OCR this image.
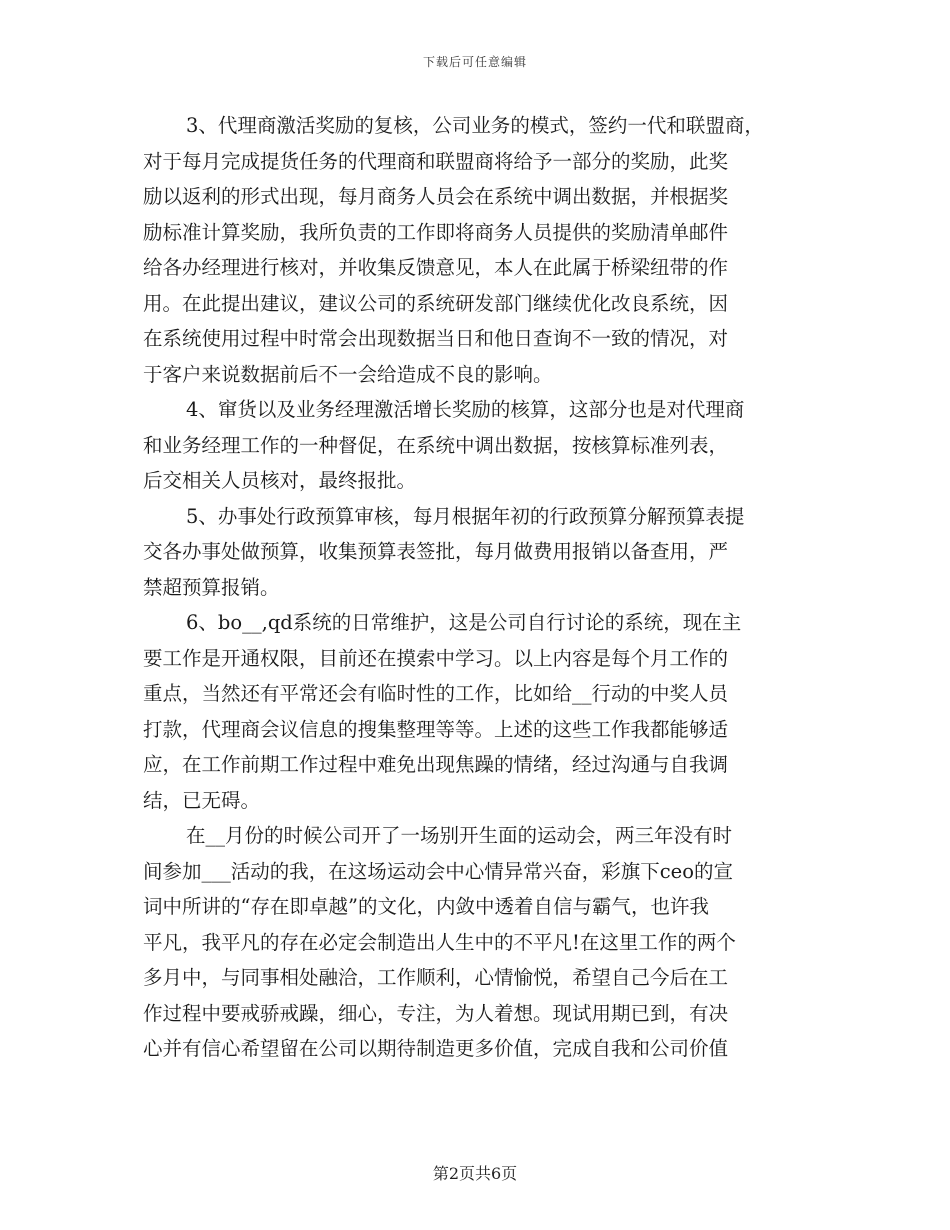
下载后可任意编辑
3、代理商激活奖励的复核，公司业务的模式，签约一代和联盟商，
对于每月完成提货任务的代理商和联盟商将给予一部分的奖励，此奖
励以返利的形式出现，每月商务人员会在系统中调出数据，并根据奖
励标准计算奖励，我所负责的工作即将商务人员提供的奖励清单邮件
给各办经理进行核对，并收集反馈意见，本人在此属于桥梁纽带的作
用。在此提出建议，建议公司的系统研发部门继续优化改良系统，因
在系统使用过程中时常会出现数据当日和他日查询不一致的情况，对
于客户来说数据前后不一会给造成不良的影响。
4、窜货以及业务经理激活增长奖励的核算，这部分也是对代理商
和业务经理工作的一种督促，在系统中调出数据，按核算标准列表，
后交相关人员核对，最终报批。
5、办事处行政预算审核，每月根据年初的行政预算分解预算表提
交各办事处做预算，收集预算表签批，每月做费用报销以备查用，严
禁超预算报销。
6、bo__,qd系统的日常维护，这是公司自行讨论的系统，现在主
要工作是开通权限，目前还在摸索中学习。以上内容是每个月工作的
重点，当然还有平常还会有临时性的工作，比如给__行动的中奖人员
打款，代理商会议信息的搜集整理等等。上述的这些工作我都能够适
应，在工作前期工作过程中难免出现焦躁的情绪，经过沟通与自我调
结，已无碍。
在__月份的时候公司开了一场别开生面的运动会，两三年没有时
间参加___活动的我，在这场运动会中心情异常兴奋，彩旗下ceo的宣
词中所讲的“存在即卓越”的文化，内敛中透着自信与霸气，也许我
平凡，我平凡的存在必定会制造出人生中的不平凡!在这里工作的两个
多月中，与同事相处融洽，工作顺利，心情愉悦，希望自己今后在工
作过程中要戒骄戒躁，细心，专注，为人着想。现试用期已到，有决
心并有信心希望留在公司以期待制造更多价值，完成自我和公司价值
第2页共6页
